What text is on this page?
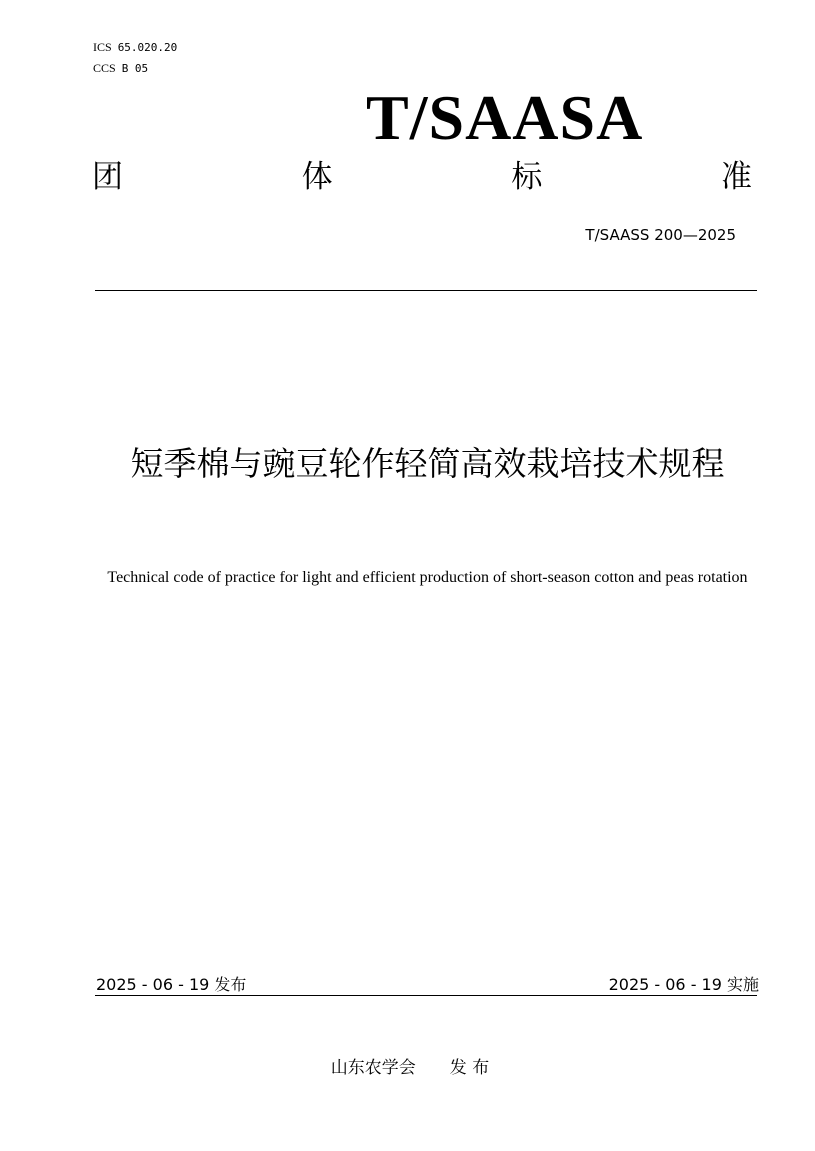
ICS 65.020.20
CCS B 05
T/SAASA
团	体	标	准
T/SAASS 200—2025
短季棉与豌豆轮作轻简高效栽培技术规程
Technical code of practice for light and efficient production of short-season cotton and peas rotation
2025 - 06 - 19 发布	2025 - 06 - 19 实施
山东农学会 发 布
